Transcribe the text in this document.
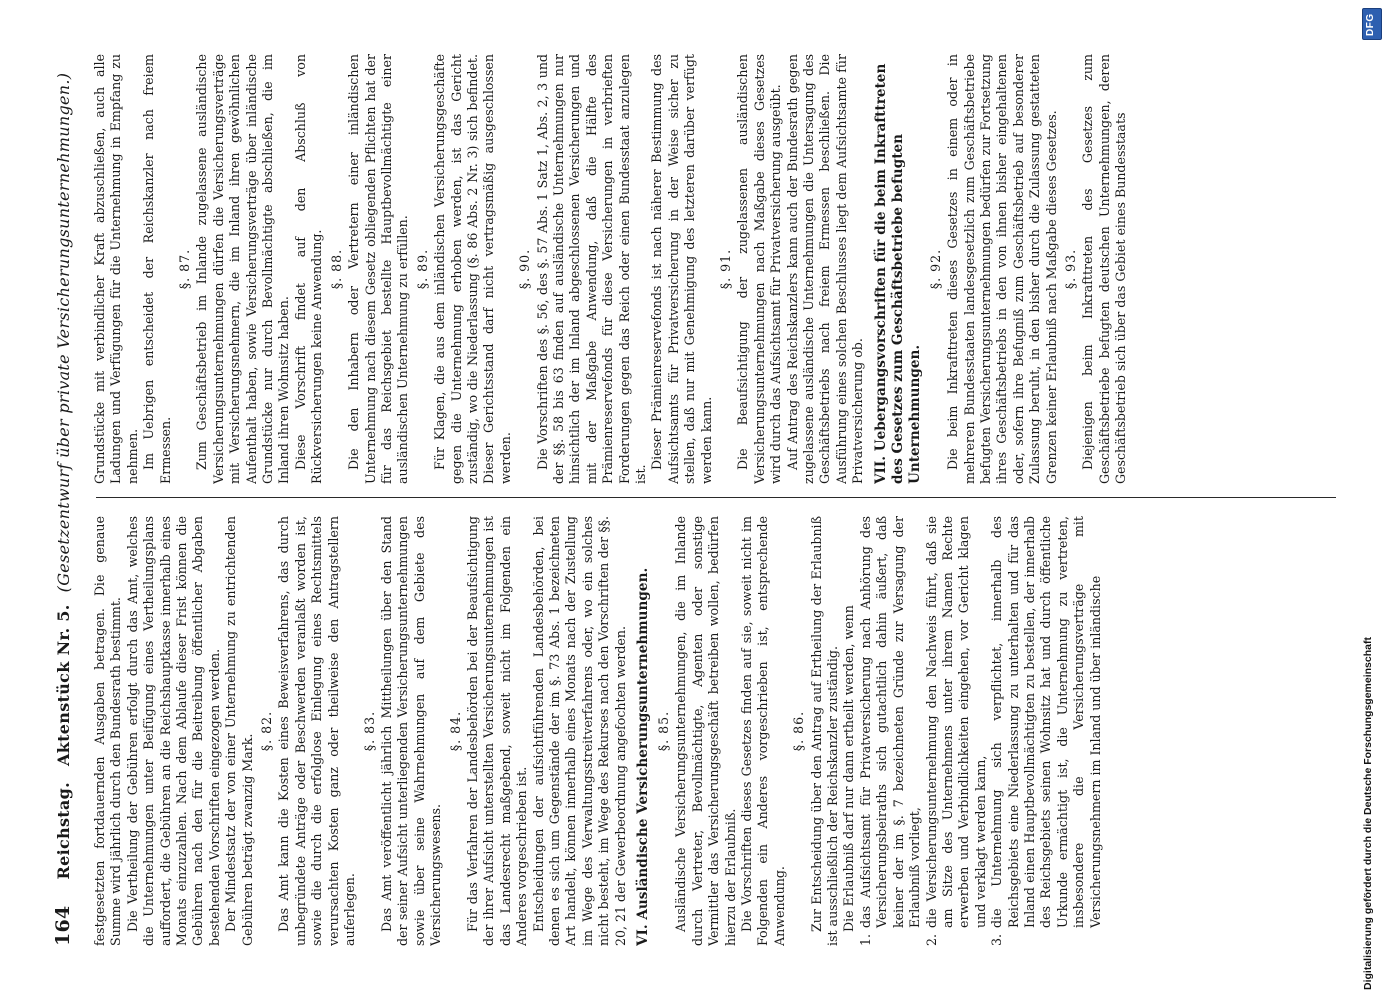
164
Reichstag.
Aktenstück Nr. 5.
(Gesetzentwurf über private Versicherungsunternehmungen.)

festgesetzten fortdauernden Ausgaben betragen. Die genaue Summe wird jährlich durch den Bundesrath bestimmt. Die Vertheilung der Gebühren erfolgt durch das Amt, welches die Unternehmungen unter Beifügung eines Vertheilungsplans auffordert, die Gebühren an die Reichshauptkasse innerhalb eines Monats einzuzahlen. Nach dem Ablaufe dieser Frist können die Gebühren nach den für die Beitreibung öffentlicher Abgaben bestehenden Vorschriften eingezogen werden. Der Mindestsatz der von einer Unternehmung zu entrichtenden Gebühren beträgt zwanzig Mark.

§. 82. Das Amt kann die Kosten eines Beweisverfahrens, das durch unbegründete Anträge oder Beschwerden veranlaßt worden ist, sowie die durch die erfolglose Einlegung eines Rechtsmittels verursachten Kosten ganz oder theilweise den Antragstellern auferlegen.

§. 83. Das Amt veröffentlicht jährlich Mittheilungen über den Stand der seiner Aufsicht unterliegenden Versicherungsunternehmungen sowie über seine Wahrnehmungen auf dem Gebiete des Versicherungswesens.

§. 84. Für das Verfahren der Landesbehörden bei der Beaufsichtigung der ihrer Aufsicht unterstellten Versicherungsunternehmungen ist das Landesrecht maßgebend, soweit nicht im Folgenden ein Anderes vorgeschrieben ist. Entscheidungen der aufsichtführenden Landesbehörden, bei denen es sich um Gegenstände der im §. 73 Abs. 1 bezeichneten Art handelt, können innerhalb eines Monats nach der Zustellung im Wege des Verwaltungsstreitverfahrens oder, wo ein solches nicht besteht, im Wege des Rekurses nach den Vorschriften der §§. 20, 21 der Gewerbeordnung angefochten werden. VI. Ausländische Versicherungsunternehmungen. §. 85. Ausländische Versicherungsunternehmungen, die im Inlande durch Vertreter, Bevollmächtigte, Agenten oder sonstige Vermittler das Versicherungsgeschäft betreiben wollen, bedürfen hierzu der Erlaubniß. Die Vorschriften dieses Gesetzes finden auf sie, soweit nicht im Folgenden ein Anderes vorgeschrieben ist, entsprechende Anwendung.

§. 86. Zur Entscheidung über den Antrag auf Ertheilung der Erlaubniß ist ausschließlich der Reichskanzler zuständig. Die Erlaubniß darf nur dann ertheilt werden, wenn

1.
das Aufsichtsamt für Privatversicherung nach Anhörung des Versicherungsbeiraths sich gutachtlich dahin äußert, daß keiner der im §. 7 bezeichneten Gründe zur Versagung der Erlaubniß vorliegt,
2.
die Versicherungsunternehmung den Nachweis führt, daß sie am Sitze des Unternehmens unter ihrem Namen Rechte erwerben und Verbindlichkeiten eingehen, vor Gericht klagen und verklagt werden kann,
3.
die Unternehmung sich verpflichtet, innerhalb des Reichsgebiets eine Niederlassung zu unterhalten und für das Inland einen Hauptbevollmächtigten zu bestellen, der innerhalb des Reichsgebiets seinen Wohnsitz hat und durch öffentliche Urkunde ermächtigt ist, die Unternehmung zu vertreten, insbesondere die Versicherungsverträge mit Versicherungsnehmern im Inland und über inländische

Grundstücke mit verbindlicher Kraft abzuschließen, auch alle Ladungen und Verfügungen für die Unternehmung in Empfang zu nehmen. Im Uebrigen entscheidet der Reichskanzler nach freiem Ermessen.

§. 87. Zum Geschäftsbetrieb im Inlande zugelassene ausländische Versicherungsunternehmungen dürfen die Versicherungsverträge mit Versicherungsnehmern, die im Inland ihren gewöhnlichen Aufenthalt haben, sowie Versicherungsverträge über inländische Grundstücke nur durch Bevollmächtigte abschließen, die im Inland ihren Wohnsitz haben. Diese Vorschrift findet auf den Abschluß von Rückversicherungen keine Anwendung. §. 88. Die den Inhabern oder Vertretern einer inländischen Unternehmung nach diesem Gesetz obliegenden Pflichten hat der für das Reichsgebiet bestellte Hauptbevollmächtigte einer ausländischen Unternehmung zu erfüllen. §. 89. Für Klagen, die aus dem inländischen Versicherungsgeschäfte gegen die Unternehmung erhoben werden, ist das Gericht zuständig, wo die Niederlassung (§. 86 Abs. 2 Nr. 3) sich befindet. Dieser Gerichtsstand darf nicht vertragsmäßig ausgeschlossen werden.

§. 90. Die Vorschriften des §. 56, des §. 57 Abs. 1 Satz 1, Abs. 2, 3 und der §§. 58 bis 63 finden auf ausländische Unternehmungen nur hinsichtlich der im Inland abgeschlossenen Versicherungen und mit der Maßgabe Anwendung, daß die Hälfte des Prämienreservefonds für diese Versicherungen in verbrieften Forderungen gegen das Reich oder einen Bundesstaat anzulegen ist.

Dieser Prämienreservefonds ist nach näherer Bestimmung des Aufsichtsamts für Privatversicherung in der Weise sicher zu stellen, daß nur mit Genehmigung des letzteren darüber verfügt werden kann.

§. 91. Die Beaufsichtigung der zugelassenen ausländischen Versicherungsunternehmungen nach Maßgabe dieses Gesetzes wird durch das Aufsichtsamt für Privatversicherung ausgeübt. Auf Antrag des Reichskanzlers kann auch der Bundesrath gegen zugelassene ausländische Unternehmungen die Untersagung des Geschäftsbetriebs nach freiem Ermessen beschließen. Die Ausführung eines solchen Beschlusses liegt dem Aufsichtsamte für Privatversicherung ob. VII. Uebergangsvorschriften für die beim Inkrafttreten des Gesetzes zum Geschäftsbetriebe befugten Unternehmungen.
§. 92. Die beim Inkrafttreten dieses Gesetzes in einem oder in mehreren Bundesstaaten landesgesetzlich zum Geschäftsbetriebe befugten Versicherungsunternehmungen bedürfen zur Fortsetzung ihres Geschäftsbetriebs in den von ihnen bisher eingehaltenen oder, sofern ihre Befugniß zum Geschäftsbetrieb auf besonderer Zulassung beruht, in den bisher durch die Zulassung gestatteten Grenzen keiner Erlaubniß nach Maßgabe dieses Gesetzes. §. 93. Diejenigen beim Inkrafttreten des Gesetzes zum Geschäftsbetriebe befugten deutschen Unternehmungen, deren Geschäftsbetrieb sich über das Gebiet eines Bundesstaats

Digitalisierung gefördert durch die Deutsche Forschungsgemeinschaft
DFG
